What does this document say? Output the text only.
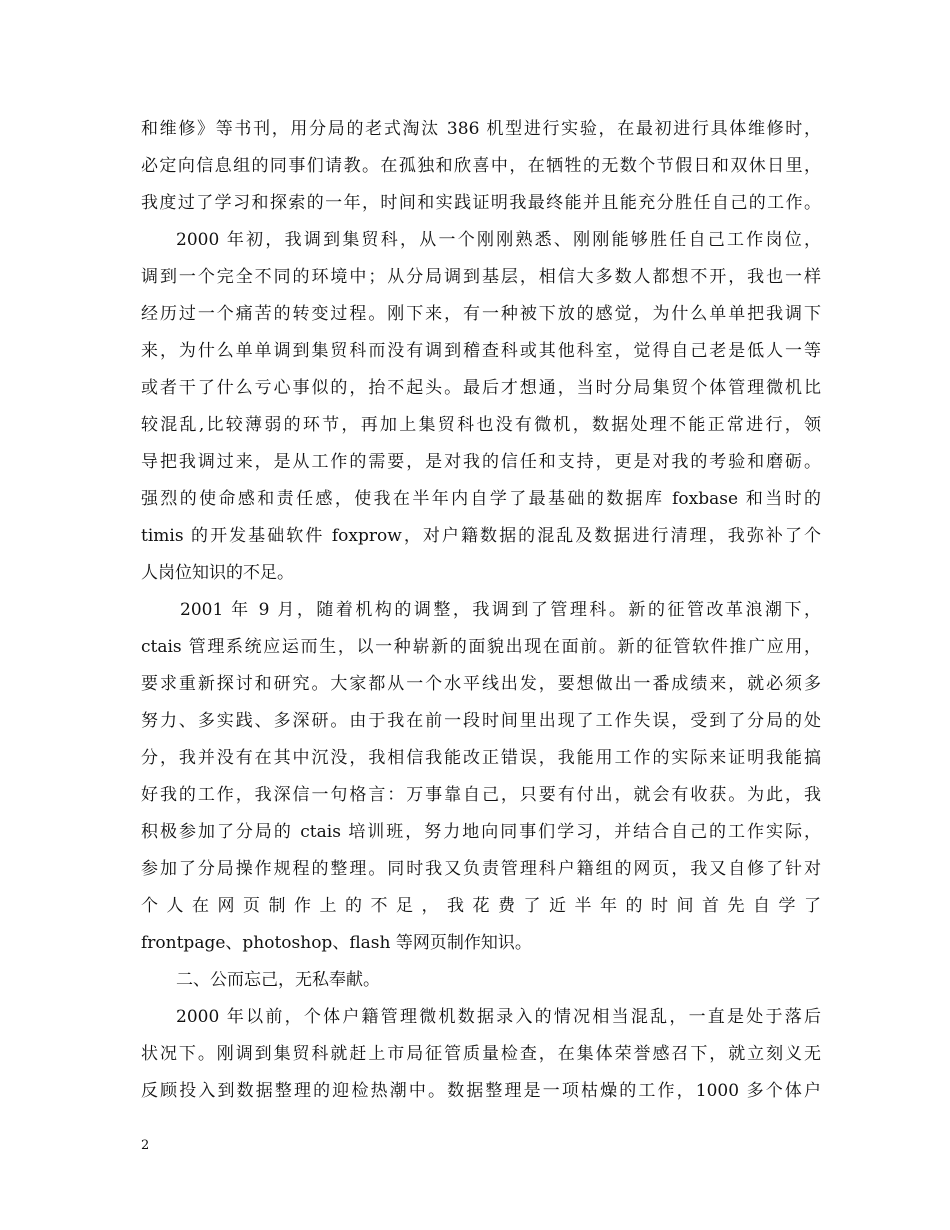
和维修》等书刊，用分局的老式淘汰 386 机型进行实验，在最初进行具体维修时，
必定向信息组的同事们请教。在孤独和欣喜中，在牺牲的无数个节假日和双休日里，
我度过了学习和探索的一年，时间和实践证明我最终能并且能充分胜任自己的工作。
2000 年初，我调到集贸科，从一个刚刚熟悉、刚刚能够胜任自己工作岗位，
调到一个完全不同的环境中；从分局调到基层，相信大多数人都想不开，我也一样
经历过一个痛苦的转变过程。刚下来，有一种被下放的感觉，为什么单单把我调下
来，为什么单单调到集贸科而没有调到稽查科或其他科室，觉得自己老是低人一等
或者干了什么亏心事似的，抬不起头。最后才想通，当时分局集贸个体管理微机比
较混乱,比较薄弱的环节，再加上集贸科也没有微机，数据处理不能正常进行，领
导把我调过来，是从工作的需要，是对我的信任和支持，更是对我的考验和磨砺。
强烈的使命感和责任感，使我在半年内自学了最基础的数据库 foxbase 和当时的
timis 的开发基础软件 foxprow，对户籍数据的混乱及数据进行清理，我弥补了个
人岗位知识的不足。
2001 年 9 月，随着机构的调整，我调到了管理科。新的征管改革浪潮下，
ctais 管理系统应运而生，以一种崭新的面貌出现在面前。新的征管软件推广应用，
要求重新探讨和研究。大家都从一个水平线出发，要想做出一番成绩来，就必须多
努力、多实践、多深研。由于我在前一段时间里出现了工作失误，受到了分局的处
分，我并没有在其中沉没，我相信我能改正错误，我能用工作的实际来证明我能搞
好我的工作，我深信一句格言：万事靠自己，只要有付出，就会有收获。为此，我
积极参加了分局的 ctais 培训班，努力地向同事们学习，并结合自己的工作实际，
参加了分局操作规程的整理。同时我又负责管理科户籍组的网页，我又自修了针对
个 人 在 网 页 制 作 上 的 不 足 ， 我 花 费 了 近 半 年 的 时 间 首 先 自 学 了
frontpage、photoshop、flash 等网页制作知识。
二、公而忘己，无私奉献。
2000 年以前，个体户籍管理微机数据录入的情况相当混乱，一直是处于落后
状况下。刚调到集贸科就赶上市局征管质量检查，在集体荣誉感召下，就立刻义无
反顾投入到数据整理的迎检热潮中。数据整理是一项枯燥的工作，1000 多个体户
2
